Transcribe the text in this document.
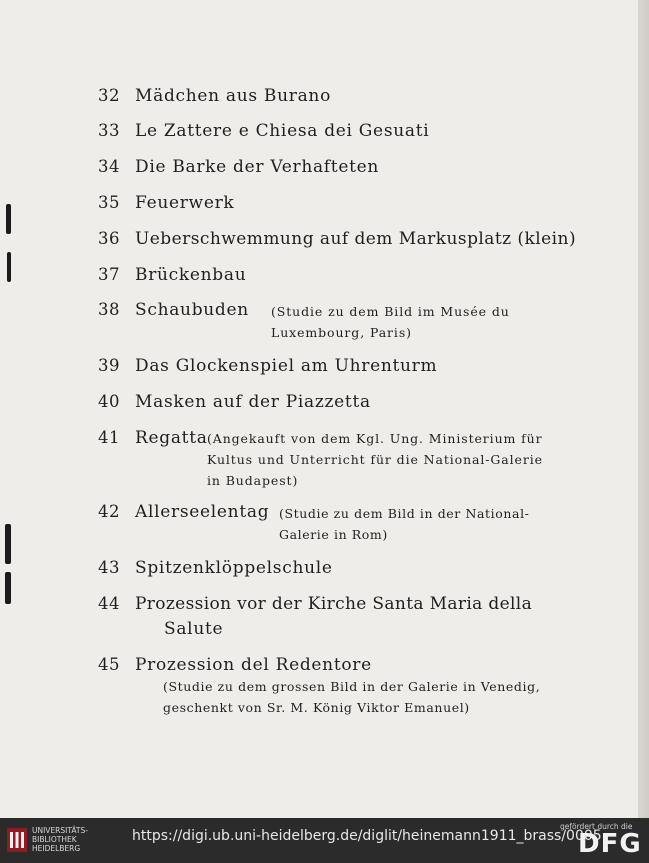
32 Mädchen aus Burano
33 Le Zattere e Chiesa dei Gesuati
34 Die Barke der Verhafteten
35 Feuerwerk
36 Ueberschwemmung auf dem Markusplatz (klein)
37 Brückenbau
38 Schaubuden (Studie zu dem Bild im Musée du
Luxembourg, Paris)
39 Das Glockenspiel am Uhrenturm
40 Masken auf der Piazzetta
41 Regatta (Angekauft von dem Kgl. Ung. Ministerium für
Kultus und Unterricht für die National-Galerie
in Budapest)
42 Allerseelentag (Studie zu dem Bild in der National-
Galerie in Rom)
43 Spitzenklöppelschule
44 Prozession vor der Kirche Santa Maria della
Salute
45 Prozession del Redentore
(Studie zu dem grossen Bild in der Galerie in Venedig,
geschenkt von Sr. M. König Viktor Emanuel)
UNIVERSITÄTS-
BIBLIOTHEK
HEIDELBERG
https://digi.ub.uni-heidelberg.de/diglit/heinemann1911_brass/0005
gefördert durch die
DFG
